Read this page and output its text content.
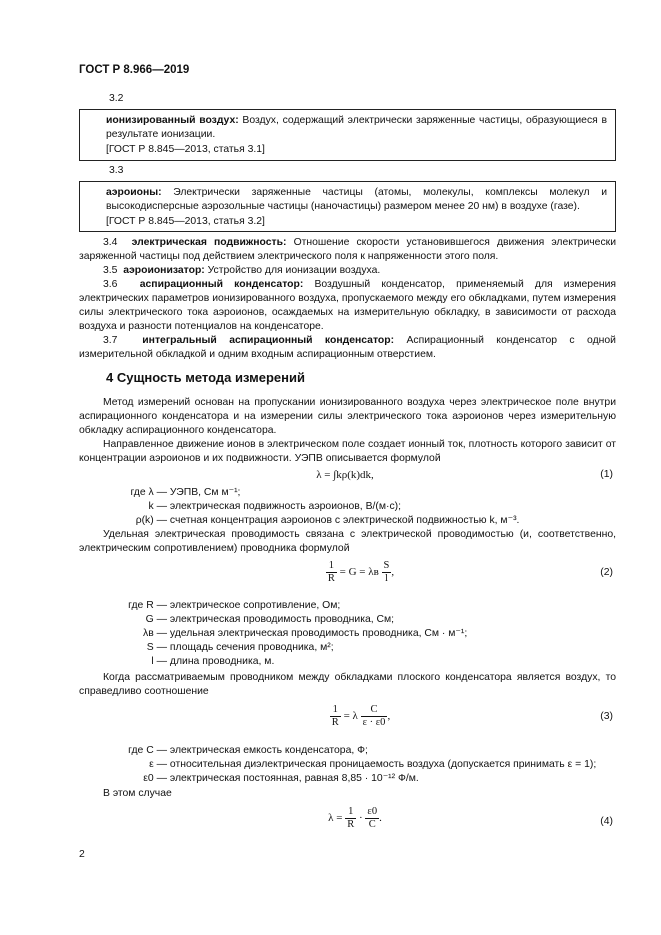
ГОСТ Р 8.966—2019
3.2

ионизированный воздух: Воздух, содержащий электрически заряженные частицы, образующиеся в результате ионизации.

[ГОСТ Р 8.845—2013, статья 3.1]

3.3

аэроионы: Электрически заряженные частицы (атомы, молекулы, комплексы молекул и высокодисперсные аэрозольные частицы (наночастицы) размером менее 20 нм) в воздухе (газе).

[ГОСТ Р 8.845—2013, статья 3.2]

3.4 электрическая подвижность: Отношение скорости установившегося движения электрически заряженной частицы под действием электрического поля к напряженности этого поля.

3.5 аэроионизатор: Устройство для ионизации воздуха.

3.6 аспирационный конденсатор: Воздушный конденсатор, применяемый для измерения электрических параметров ионизированного воздуха, пропускаемого между его обкладками, путем измерения силы электрического тока аэроионов, осаждаемых на измерительную обкладку, в зависимости от расхода воздуха и разности потенциалов на конденсаторе.

3.7 интегральный аспирационный конденсатор: Аспирационный конденсатор с одной измерительной обкладкой и одним входным аспирационным отверстием.

4 Сущность метода измерений

Метод измерений основан на пропускании ионизированного воздуха через электрическое поле внутри аспирационного конденсатора и на измерении силы электрического тока аэроионов через измерительную обкладку аспирационного конденсатора.

Направленное движение ионов в электрическом поле создает ионный ток, плотность которого зависит от концентрации аэроионов и их подвижности. УЭПВ описывается формулой

λ = ∫kρ(k)dk,	(1)
где λ — УЭПВ, См м⁻¹;
k — электрическая подвижность аэроионов, В/(м·с);
ρ(k) — счетная концентрация аэроионов с электрической подвижностью k, м⁻³.

Удельная электрическая проводимость связана с электрической проводимостью (и, соответственно, электрическим сопротивлением) проводника формулой

$\frac{1}{R} = G = \lambda в \frac{S}{l}$ ,	(2)
где R — электрическое сопротивление, Ом;
G — электрическая проводимость проводника, См;
λв — удельная электрическая проводимость проводника, См · м⁻¹;
S — площадь сечения проводника, м²;
l — длина проводника, м.

Когда рассматриваемым проводником между обкладками плоского конденсатора является воздух, то справедливо соотношение

$\frac{1}{R} = \lambda \frac{C}{\varepsilon \cdot \varepsilon 0}$ ,	(3)
где C — электрическая емкость конденсатора, Ф;
ε — относительная диэлектрическая проницаемость воздуха (допускается принимать ε = 1);
ε0 — электрическая постоянная, равная 8,85 · 10⁻¹² Ф/м.

В этом случае

$\lambda = \frac{1}{R} \cdot \frac{\varepsilon 0}{C}$ .	(4)
2
